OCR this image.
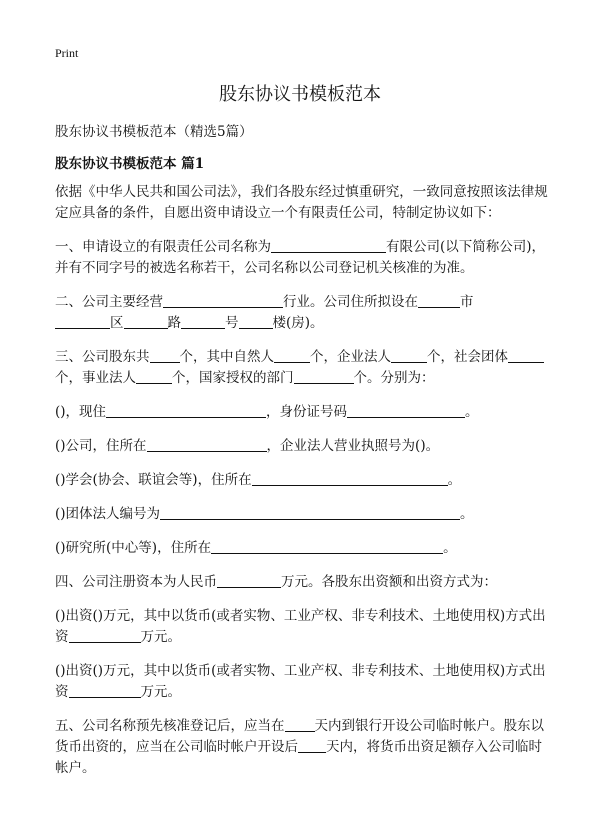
Print
股东协议书模板范本
股东协议书模板范本（精选5篇）
股东协议书模板范本 篇1

依据《中华人民共和国公司法》，我们各股东经过慎重研究，一致同意按照该法律规定应具备的条件，自愿出资申请设立一个有限责任公司，特制定协议如下：

一、申请设立的有限责任公司名称为	有限公司(以下简称公司)，并有不同字号的被选名称若干，公司名称以公司登记机关核准的为准。

二、公司主要经营	行业。公司住所拟设在	市
区	路	号	楼(房)。

三、公司股东共 个，其中自然人	个，企业法人	个，社会团体个，事业法人	个，国家授权的部门	个。分别为：

()，现住	，身份证号码	。

()公司，住所在	，企业法人营业执照号为()。

()学会(协会、联谊会等)，住所在	。

()团体法人编号为	。

()研究所(中心等)，住所在	。

四、公司注册资本为人民币	万元。各股东出资额和出资方式为：

()出资()万元，其中以货币(或者实物、工业产权、非专利技术、土地使用权)方式出资	万元。

()出资()万元，其中以货币(或者实物、工业产权、非专利技术、土地使用权)方式出资	万元。

五、公司名称预先核准登记后，应当在 天内到银行开设公司临时帐户。股东以货币出资的，应当在公司临时帐户开设后 天内，将货币出资足额存入公司临时帐户。
